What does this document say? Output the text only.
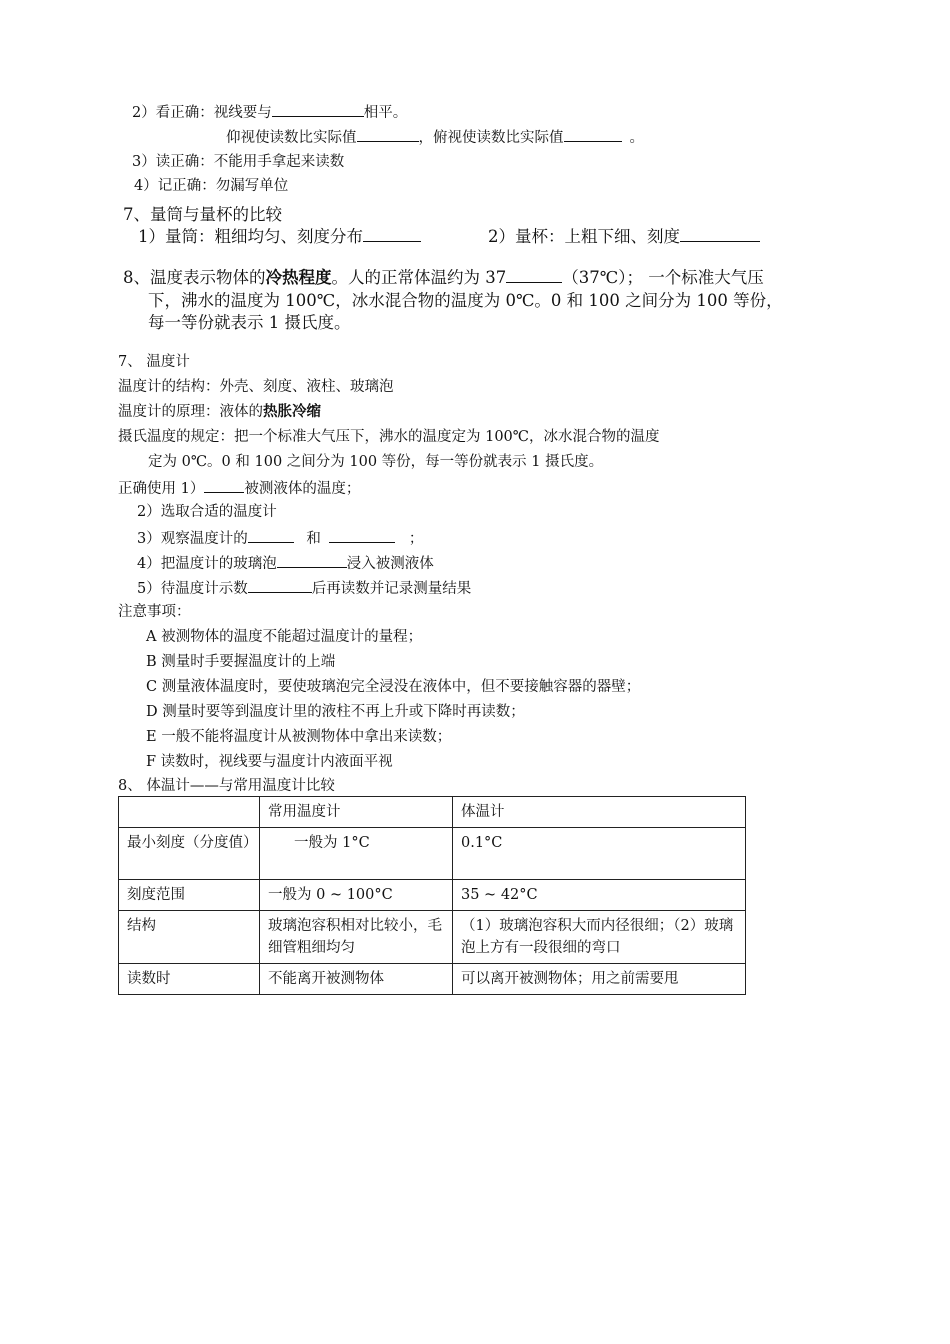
2）看正确：视线要与	相平。
仰视使读数比实际值	，俯视使读数比实际值	。
3）读正确：不能用手拿起来读数
4）记正确：勿漏写单位
7、量筒与量杯的比较
1）量筒：粗细均匀、刻度分布	2）量杯：上粗下细、刻度
8、温度表示物体的冷热程度。人的正常体温约为 37	（37℃）； 一个标准大气压
下，沸水的温度为 100℃，冰水混合物的温度为 0℃。0 和 100 之间分为 100 等份，
每一等份就表示 1 摄氏度。
7、 温度计
温度计的结构：外壳、刻度、液柱、玻璃泡
温度计的原理：液体的热胀冷缩
摄氏温度的规定：把一个标准大气压下，沸水的温度定为 100℃，冰水混合物的温度
定为 0℃。0 和 100 之间分为 100 等份，每一等份就表示 1 摄氏度。
正确使用 1）	被测液体的温度；
2）选取合适的温度计
3）观察温度计的	和	；
4）把温度计的玻璃泡	浸入被测液体
5）待温度计示数	后再读数并记录测量结果
注意事项：
A 被测物体的温度不能超过温度计的量程；
B 测量时手要握温度计的上端
C 测量液体温度时，要使玻璃泡完全浸没在液体中，但不要接触容器的器壁；
D 测量时要等到温度计里的液柱不再上升或下降时再读数；
E 一般不能将温度计从被测物体中拿出来读数；
F 读数时，视线要与温度计内液面平视
8、 体温计——与常用温度计比较
	常用温度计	体温计
最小刻度（分度值）	一般为 1°C	0.1°C
刻度范围	一般为 0 ~ 100°C	35 ~ 42°C
结构	玻璃泡容积相对比较小，毛细管粗细均匀	（1）玻璃泡容积大而内径很细；（2）玻璃泡上方有一段很细的弯口
读数时	不能离开被测物体	可以离开被测物体；用之前需要甩
